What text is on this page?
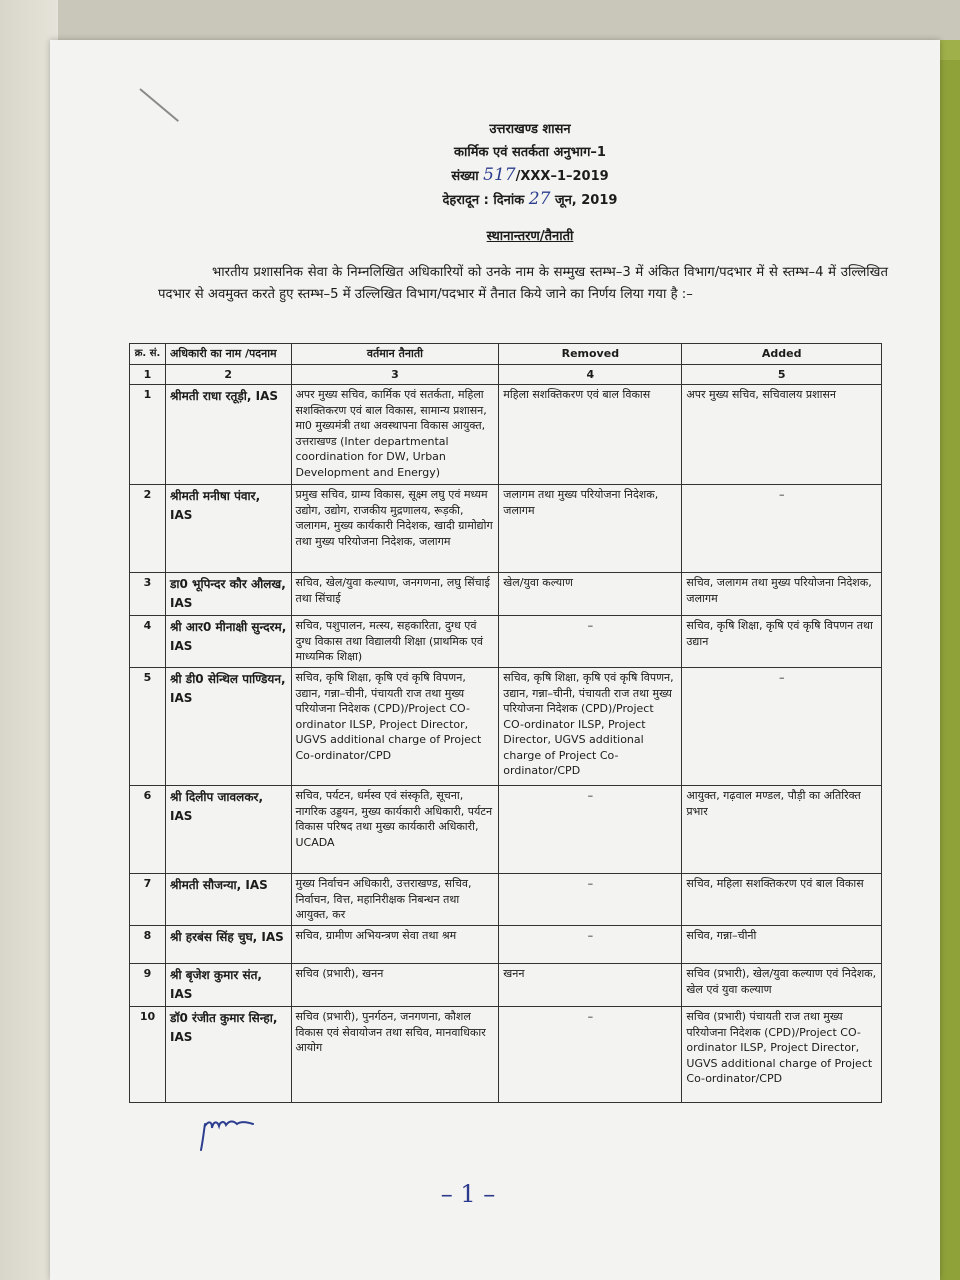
उत्तराखण्ड शासन
कार्मिक एवं सतर्कता अनुभाग–1
संख्या 517/XXX–1–2019
देहरादून : दिनांक 27 जून, 2019
स्थानान्तरण/तैनाती
भारतीय प्रशासनिक सेवा के निम्नलिखित अधिकारियों को उनके नाम के सम्मुख स्तम्भ–3 में अंकित विभाग/पदभार में से स्तम्भ–4 में उल्लिखित पदभार से अवमुक्त करते हुए स्तम्भ–5 में उल्लिखित विभाग/पदभार में तैनात किये जाने का निर्णय लिया गया है :–
क्र. सं.	अधिकारी का नाम /पदनाम	वर्तमान तैनाती	Removed	Added
1	2	3	4	5
1	श्रीमती राधा रतूड़ी, IAS	अपर मुख्य सचिव, कार्मिक एवं सतर्कता, महिला सशक्तिकरण एवं बाल विकास, सामान्य प्रशासन, मा0 मुख्यमंत्री तथा अवस्थापना विकास आयुक्त, उत्तराखण्ड (Inter departmental coordination for DW, Urban Development and Energy)	महिला सशक्तिकरण एवं बाल विकास	अपर मुख्य सचिव, सचिवालय प्रशासन
2	श्रीमती मनीषा पंवार, IAS	प्रमुख सचिव, ग्राम्य विकास, सूक्ष्म लघु एवं मध्यम उद्योग, उद्योग, राजकीय मुद्रणालय, रूड़की, जलागम, मुख्य कार्यकारी निदेशक, खादी ग्रामोद्योग तथा मुख्य परियोजना निदेशक, जलागम	जलागम तथा मुख्य परियोजना निदेशक, जलागम	–
3	डा0 भूपिन्दर कौर औलख, IAS	सचिव, खेल/युवा कल्याण, जनगणना, लघु सिंचाई तथा सिंचाई	खेल/युवा कल्याण	सचिव, जलागम तथा मुख्य परियोजना निदेशक, जलागम
4	श्री आर0 मीनाक्षी सुन्दरम, IAS	सचिव, पशुपालन, मत्स्य, सहकारिता, दुग्ध एवं दुग्ध विकास तथा विद्यालयी शिक्षा (प्राथमिक एवं माध्यमिक शिक्षा)	–	सचिव, कृषि शिक्षा, कृषि एवं कृषि विपणन तथा उद्यान
5	श्री डी0 सेन्थिल पाण्डियन, IAS	सचिव, कृषि शिक्षा, कृषि एवं कृषि विपणन, उद्यान, गन्ना–चीनी, पंचायती राज तथा मुख्य परियोजना निदेशक (CPD)/Project CO-ordinator ILSP, Project Director, UGVS additional charge of Project Co-ordinator/CPD	सचिव, कृषि शिक्षा, कृषि एवं कृषि विपणन, उद्यान, गन्ना–चीनी, पंचायती राज तथा मुख्य परियोजना निदेशक (CPD)/Project CO-ordinator ILSP, Project Director, UGVS additional charge of Project Co-ordinator/CPD	–
6	श्री दिलीप जावलकर, IAS	सचिव, पर्यटन, धर्मस्व एवं संस्कृति, सूचना, नागरिक उड्डयन, मुख्य कार्यकारी अधिकारी, पर्यटन विकास परिषद तथा मुख्य कार्यकारी अधिकारी, UCADA	–	आयुक्त, गढ़वाल मण्डल, पौड़ी का अतिरिक्त प्रभार
7	श्रीमती सौजन्या, IAS	मुख्य निर्वाचन अधिकारी, उत्तराखण्ड, सचिव, निर्वाचन, वित्त, महानिरीक्षक निबन्धन तथा आयुक्त, कर	–	सचिव, महिला सशक्तिकरण एवं बाल विकास
8	श्री हरबंस सिंह चुघ, IAS	सचिव, ग्रामीण अभियन्त्रण सेवा तथा श्रम	–	सचिव, गन्ना–चीनी
9	श्री बृजेश कुमार संत, IAS	सचिव (प्रभारी), खनन	खनन	सचिव (प्रभारी), खेल/युवा कल्याण एवं निदेशक, खेल एवं युवा कल्याण
10	डॉ0 रंजीत कुमार सिन्हा, IAS	सचिव (प्रभारी), पुनर्गठन, जनगणना, कौशल विकास एवं सेवायोजन तथा सचिव, मानवाधिकार आयोग	–	सचिव (प्रभारी) पंचायती राज तथा मुख्य परियोजना निदेशक (CPD)/Project CO-ordinator ILSP, Project Director, UGVS additional charge of Project Co-ordinator/CPD
– 1 –
